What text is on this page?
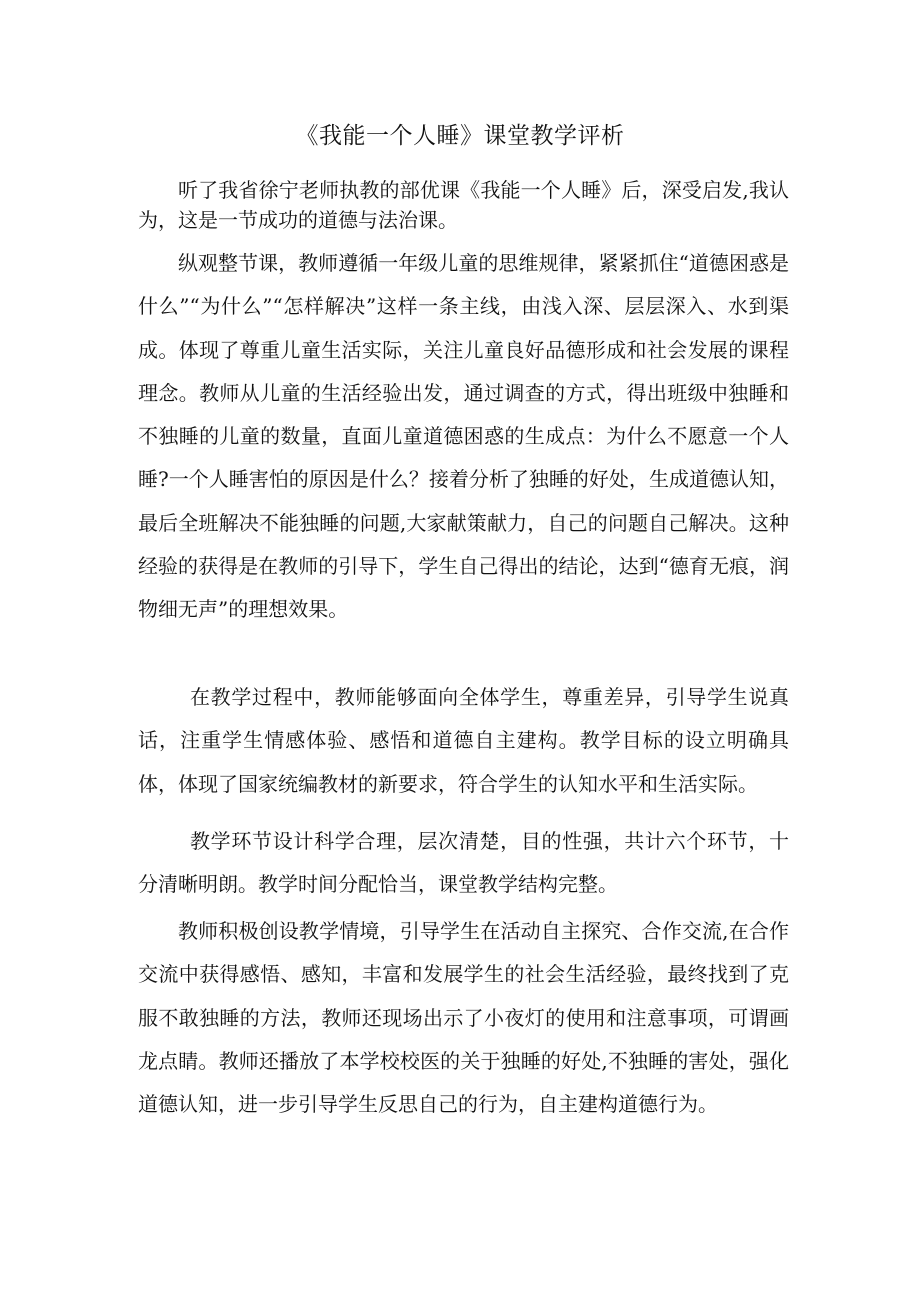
《我能一个人睡》课堂教学评析

听了我省徐宁老师执教的部优课《我能一个人睡》后，深受启发,我认为，这是一节成功的道德与法治课。

纵观整节课，教师遵循一年级儿童的思维规律，紧紧抓住“道德困惑是什么”“为什么”“怎样解决”这样一条主线，由浅入深、层层深入、水到渠成。体现了尊重儿童生活实际，关注儿童良好品德形成和社会发展的课程理念。教师从儿童的生活经验出发，通过调查的方式，得出班级中独睡和不独睡的儿童的数量，直面儿童道德困惑的生成点：为什么不愿意一个人睡?一个人睡害怕的原因是什么？接着分析了独睡的好处，生成道德认知，最后全班解决不能独睡的问题,大家献策献力，自己的问题自己解决。这种经验的获得是在教师的引导下，学生自己得出的结论，达到“德育无痕，润物细无声”的理想效果。

在教学过程中，教师能够面向全体学生，尊重差异，引导学生说真话，注重学生情感体验、感悟和道德自主建构。教学目标的设立明确具体，体现了国家统编教材的新要求，符合学生的认知水平和生活实际。

教学环节设计科学合理，层次清楚，目的性强，共计六个环节，十分清晰明朗。教学时间分配恰当，课堂教学结构完整。

教师积极创设教学情境，引导学生在活动自主探究、合作交流,在合作交流中获得感悟、感知，丰富和发展学生的社会生活经验，最终找到了克服不敢独睡的方法，教师还现场出示了小夜灯的使用和注意事项，可谓画龙点睛。教师还播放了本学校校医的关于独睡的好处,不独睡的害处，强化道德认知，进一步引导学生反思自己的行为，自主建构道德行为。
